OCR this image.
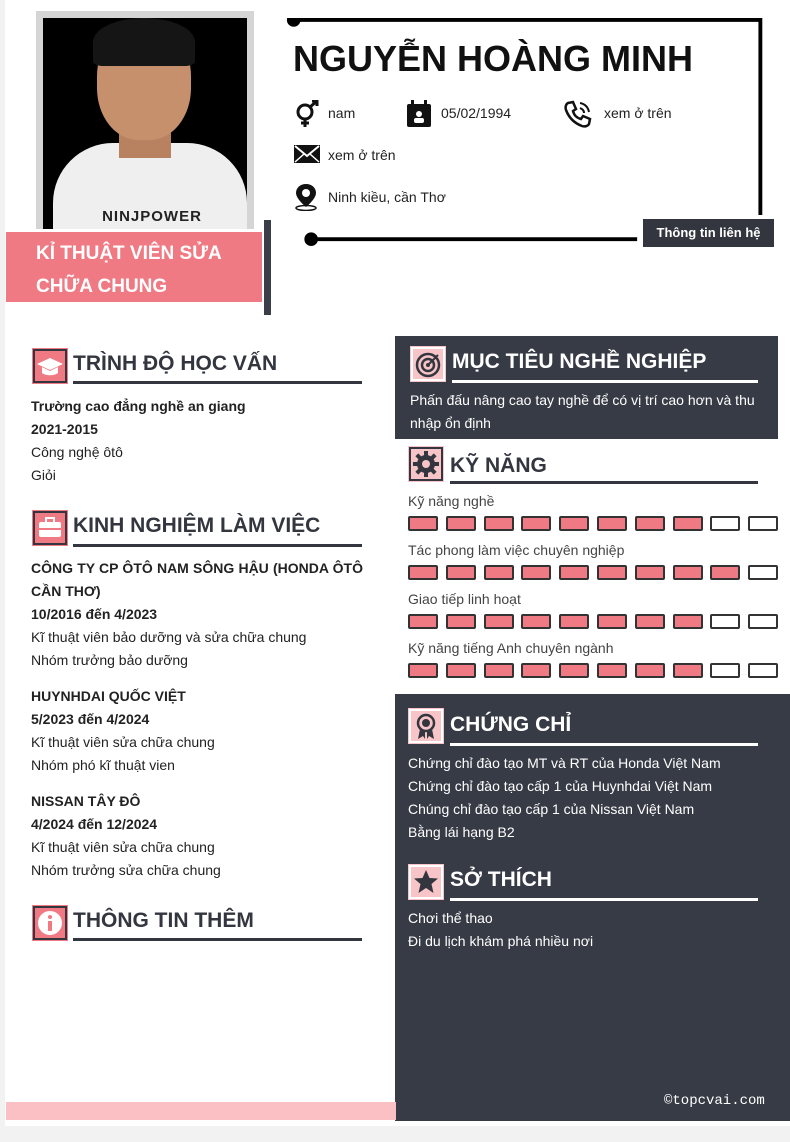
NINJPOWER
KỈ THUẬT VIÊN SỬA CHỮA CHUNG
NGUYỄN HOÀNG MINH
nam	05/02/1994	xem ở trên
xem ở trên
Ninh kiều, cần Thơ
Thông tin liên hệ
TRÌNH ĐỘ HỌC VẤN
Trường cao đẳng nghề an giang
2021-2015
Công nghệ ôtô
Giỏi
KINH NGHIỆM LÀM VIỆC
CÔNG TY CP ÔTÔ NAM SÔNG HẬU (HONDA ÔTÔ CẦN THƠ)
10/2016 đến 4/2023
Kĩ thuật viên bảo dưỡng và sửa chữa chung
Nhóm trưởng bảo dưỡng
HUYNHDAI QUỐC VIỆT
5/2023 đến 4/2024
Kĩ thuật viên sửa chữa chung
Nhóm phó kĩ thuật vien
NISSAN TÂY ĐÔ
4/2024 đến 12/2024
Kĩ thuật viên sửa chữa chung
Nhóm trưởng sửa chữa chung
THÔNG TIN THÊM
MỤC TIÊU NGHỀ NGHIỆP
Phấn đấu nâng cao tay nghề để có vị trí cao hơn và thu nhập ổn định
KỸ NĂNG
Kỹ năng nghề
Tác phong làm việc chuyên nghiệp
Giao tiếp linh hoạt
Kỹ năng tiếng Anh chuyên ngành
CHỨNG CHỈ
Chứng chỉ đào tạo MT và RT của Honda Việt Nam
Chứng chỉ đào tạo cấp 1 của Huynhdai Việt Nam
Chúng chỉ đào tạo cấp 1 của Nissan Việt Nam
Bằng lái hạng B2
SỞ THÍCH
Chơi thể thao
Đi du lịch khám phá nhiều nơi
©topcvai.com
